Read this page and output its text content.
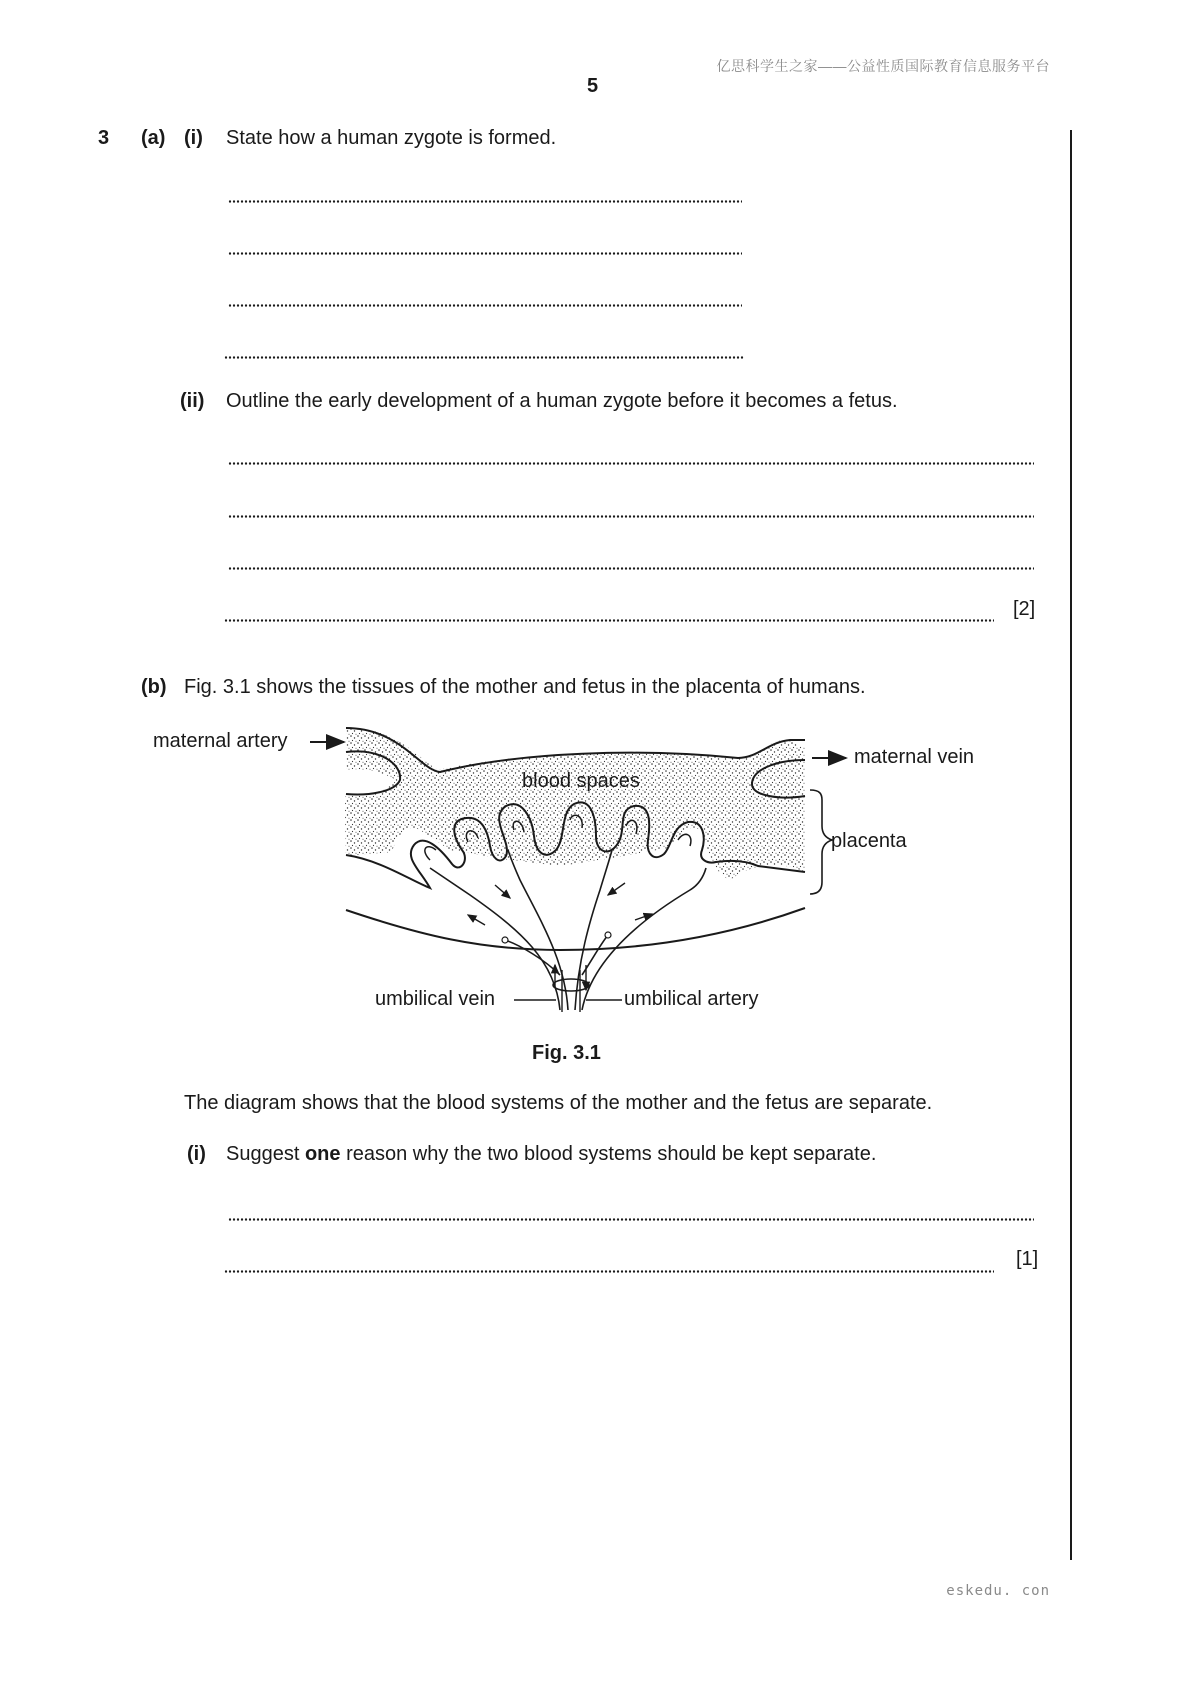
亿思科学生之家——公益性质国际教育信息服务平台
5
3 (a) (i) State how a human zygote is formed.
(ii) Outline the early development of a human zygote before it becomes a fetus.
[2]
(b) Fig. 3.1 shows the tissues of the mother and fetus in the placenta of humans.
maternal artery
maternal vein
blood spaces
placenta
umbilical vein	umbilical artery
Fig. 3.1
The diagram shows that the blood systems of the mother and the fetus are separate.
(i) Suggest one reason why the two blood systems should be kept separate.
[1]
eskedu. con
